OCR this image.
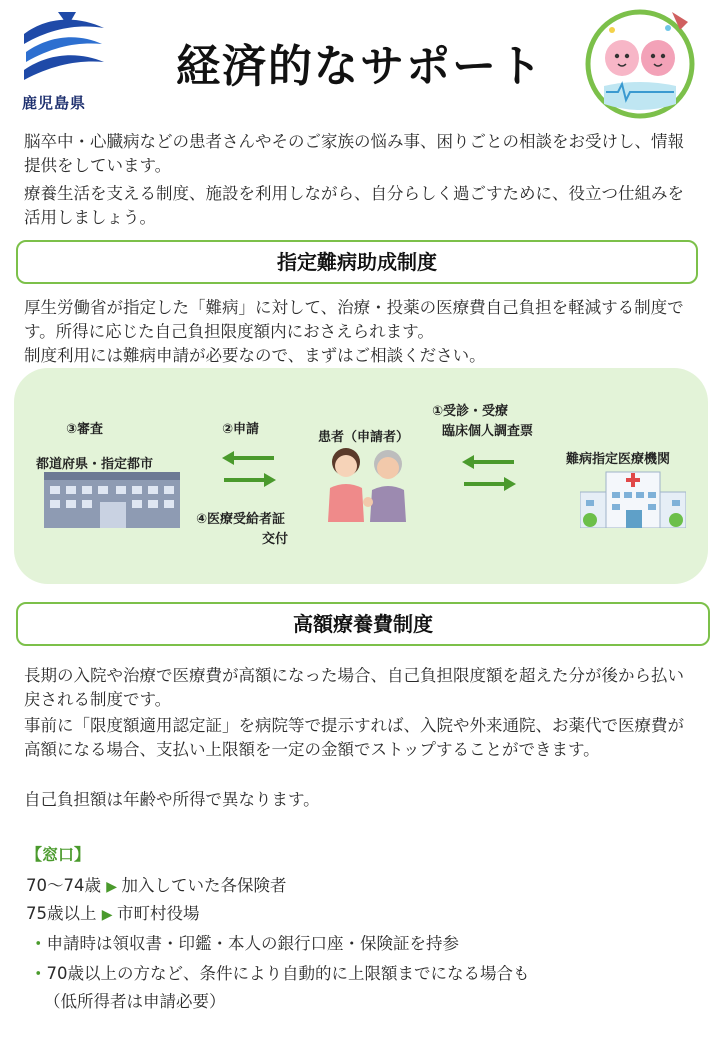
鹿児島県
経済的なサポート
脳卒中・心臓病などの患者さんやそのご家族の悩み事、困りごとの相談をお受けし、情報提供をしています。
療養生活を支える制度、施設を利用しながら、自分らしく過ごすために、役立つ仕組みを活用しましょう。
指定難病助成制度
厚生労働省が指定した「難病」に対して、治療・投薬の医療費自己負担を軽減する制度です。所得に応じた自己負担限度額内におさえられます。
制度利用には難病申請が必要なので、まずはご相談ください。
③審査
都道府県・指定都市
②申請
④医療受給者証
交付
患者（申請者）
①受診・受療
臨床個人調査票
難病指定医療機関
高額療養費制度
長期の入院や治療で医療費が高額になった場合、自己負担限度額を超えた分が後から払い戻される制度です。
事前に「限度額適用認定証」を病院等で提示すれば、入院や外来通院、お薬代で医療費が高額になる場合、支払い上限額を一定の金額でストップすることができます。
自己負担額は年齢や所得で異なります。
【窓口】
70～74歳 ▶ 加入していた各保険者
75歳以上 ▶ 市町村役場
・申請時は領収書・印鑑・本人の銀行口座・保険証を持参
・70歳以上の方など、条件により自動的に上限額までになる場合も
（低所得者は申請必要）
